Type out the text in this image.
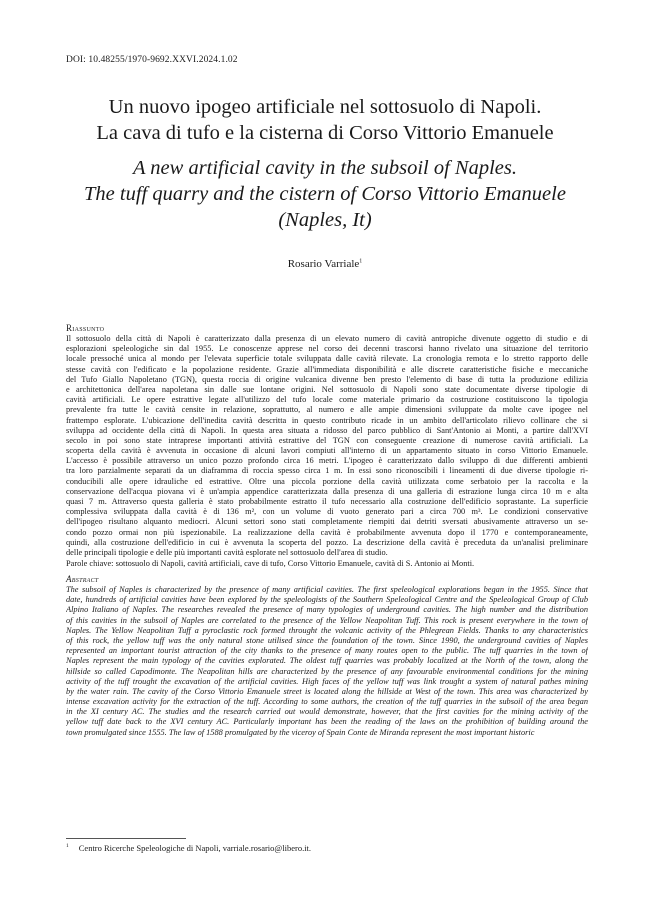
DOI: 10.48255/1970-9692.XXVI.2024.1.02
Un nuovo ipogeo artificiale nel sottosuolo di Napoli.
La cava di tufo e la cisterna di Corso Vittorio Emanuele
A new artificial cavity in the subsoil of Naples.
The tuff quarry and the cistern of Corso Vittorio Emanuele
(Naples, It)
Rosario Varriale$^1$
Riassunto
Il sottosuolo della città di Napoli è caratterizzato dalla presenza di un elevato numero di cavità antropiche divenute oggetto di studio e di
esplorazioni speleologiche sin dal 1955. Le conoscenze apprese nel corso dei decenni trascorsi hanno rivelato una situazione del territorio
locale pressoché unica al mondo per l'elevata superficie totale sviluppata dalle cavità rilevate. La cronologia remota e lo stretto rapporto delle
stesse cavità con l'edificato e la popolazione residente. Grazie all'immediata disponibilità e alle discrete caratteristiche fisiche e meccaniche
del Tufo Giallo Napoletano (TGN), questa roccia di origine vulcanica divenne ben presto l'elemento di base di tutta la produzione edilizia
e architettonica dell'area napoletana sin dalle sue lontane origini. Nel sottosuolo di Napoli sono state documentate diverse tipologie di
cavità artificiali. Le opere estrattive legate all'utilizzo del tufo locale come materiale primario da costruzione costituiscono la tipologia
prevalente fra tutte le cavità censite in relazione, soprattutto, al numero e alle ampie dimensioni sviluppate da molte cave ipogee nel
frattempo esplorate. L'ubicazione dell'inedita cavità descritta in questo contributo ricade in un ambito dell'articolato rilievo collinare che si
sviluppa ad occidente della città di Napoli. In questa area situata a ridosso del parco pubblico di Sant'Antonio ai Monti, a partire dall'XVI
secolo in poi sono state intraprese importanti attività estrattive del TGN con conseguente creazione di numerose cavità artificiali. La
scoperta della cavità è avvenuta in occasione di alcuni lavori compiuti all'interno di un appartamento situato in corso Vittorio Emanuele.
L'accesso è possibile attraverso un unico pozzo profondo circa 16 metri. L'ipogeo è caratterizzato dallo sviluppo di due differenti ambienti
tra loro parzialmente separati da un diaframma di roccia spesso circa 1 m. In essi sono riconoscibili i lineamenti di due diverse tipologie ri-
conducibili alle opere idrauliche ed estrattive. Oltre una piccola porzione della cavità utilizzata come serbatoio per la raccolta e la
conservazione dell'acqua piovana vi è un'ampia appendice caratterizzata dalla presenza di una galleria di estrazione lunga circa 10 m e alta
quasi 7 m. Attraverso questa galleria è stato probabilmente estratto il tufo necessario alla costruzione dell'edificio soprastante. La superficie
complessiva sviluppata dalla cavità è di 136 m², con un volume di vuoto generato pari a circa 700 m³. Le condizioni conservative
dell'ipogeo risultano alquanto mediocri. Alcuni settori sono stati completamente riempiti dai detriti sversati abusivamente attraverso un se-
condo pozzo ormai non più ispezionabile. La realizzazione della cavità è probabilmente avvenuta dopo il 1770 e contemporaneamente,
quindi, alla costruzione dell'edificio in cui è avvenuta la scoperta del pozzo. La descrizione della cavità è preceduta da un'analisi preliminare
delle principali tipologie e delle più importanti cavità esplorate nel sottosuolo dell'area di studio.
Parole chiave: sottosuolo di Napoli, cavità artificiali, cave di tufo, Corso Vittorio Emanuele, cavità di S. Antonio ai Monti.
Abstract
The subsoil of Naples is characterized by the presence of many artificial cavities. The first speleological explorations began in the 1955. Since that
date, hundreds of artificial cavities have been explored by the speleologists of the Southern Speleological Centre and the Speleological Group of Club
Alpino Italiano of Naples. The researches revealed the presence of many typologies of underground cavities. The high number and the distribution
of this cavities in the subsoil of Naples are correlated to the presence of the Yellow Neapolitan Tuff. This rock is present everywhere in the town of
Naples. The Yellow Neapolitan Tuff a pyroclastic rock formed throught the volcanic activity of the Phlegrean Fields. Thanks to any characteristics
of this rock, the yellow tuff was the only natural stone utilised since the foundation of the town. Since 1990, the underground cavities of Naples
represented an important tourist attraction of the city thanks to the presence of many routes open to the public. The tuff quarries in the town of
Naples represent the main typology of the cavities explorated. The oldest tuff quarries was probably localized at the North of the town, along the
hillside so called Capodimonte. The Neapolitan hills are characterized by the presence of any favourable environmental conditions for the mining
activity of the tuff trought the excavation of the artificial cavities. High faces of the yellow tuff was link trought a system of natural pathes mining
by the water rain. The cavity of the Corso Vittorio Emanuele street is located along the hillside at West of the town. This area was characterized by
intense excavation activity for the extraction of the tuff. According to some authors, the creation of the tuff quarries in the subsoil of the area began
in the XI century AC. The studies and the research carried out would demonstrate, however, that the first cavities for the mining activity of the
yellow tuff date back to the XVI century AC. Particularly important has been the reading of the laws on the prohibition of building around the
town promulgated since 1555. The law of 1588 promulgated by the viceroy of Spain Conte de Miranda represent the most important historic
$^1$ Centro Ricerche Speleologiche di Napoli, varriale.rosario@libero.it.
